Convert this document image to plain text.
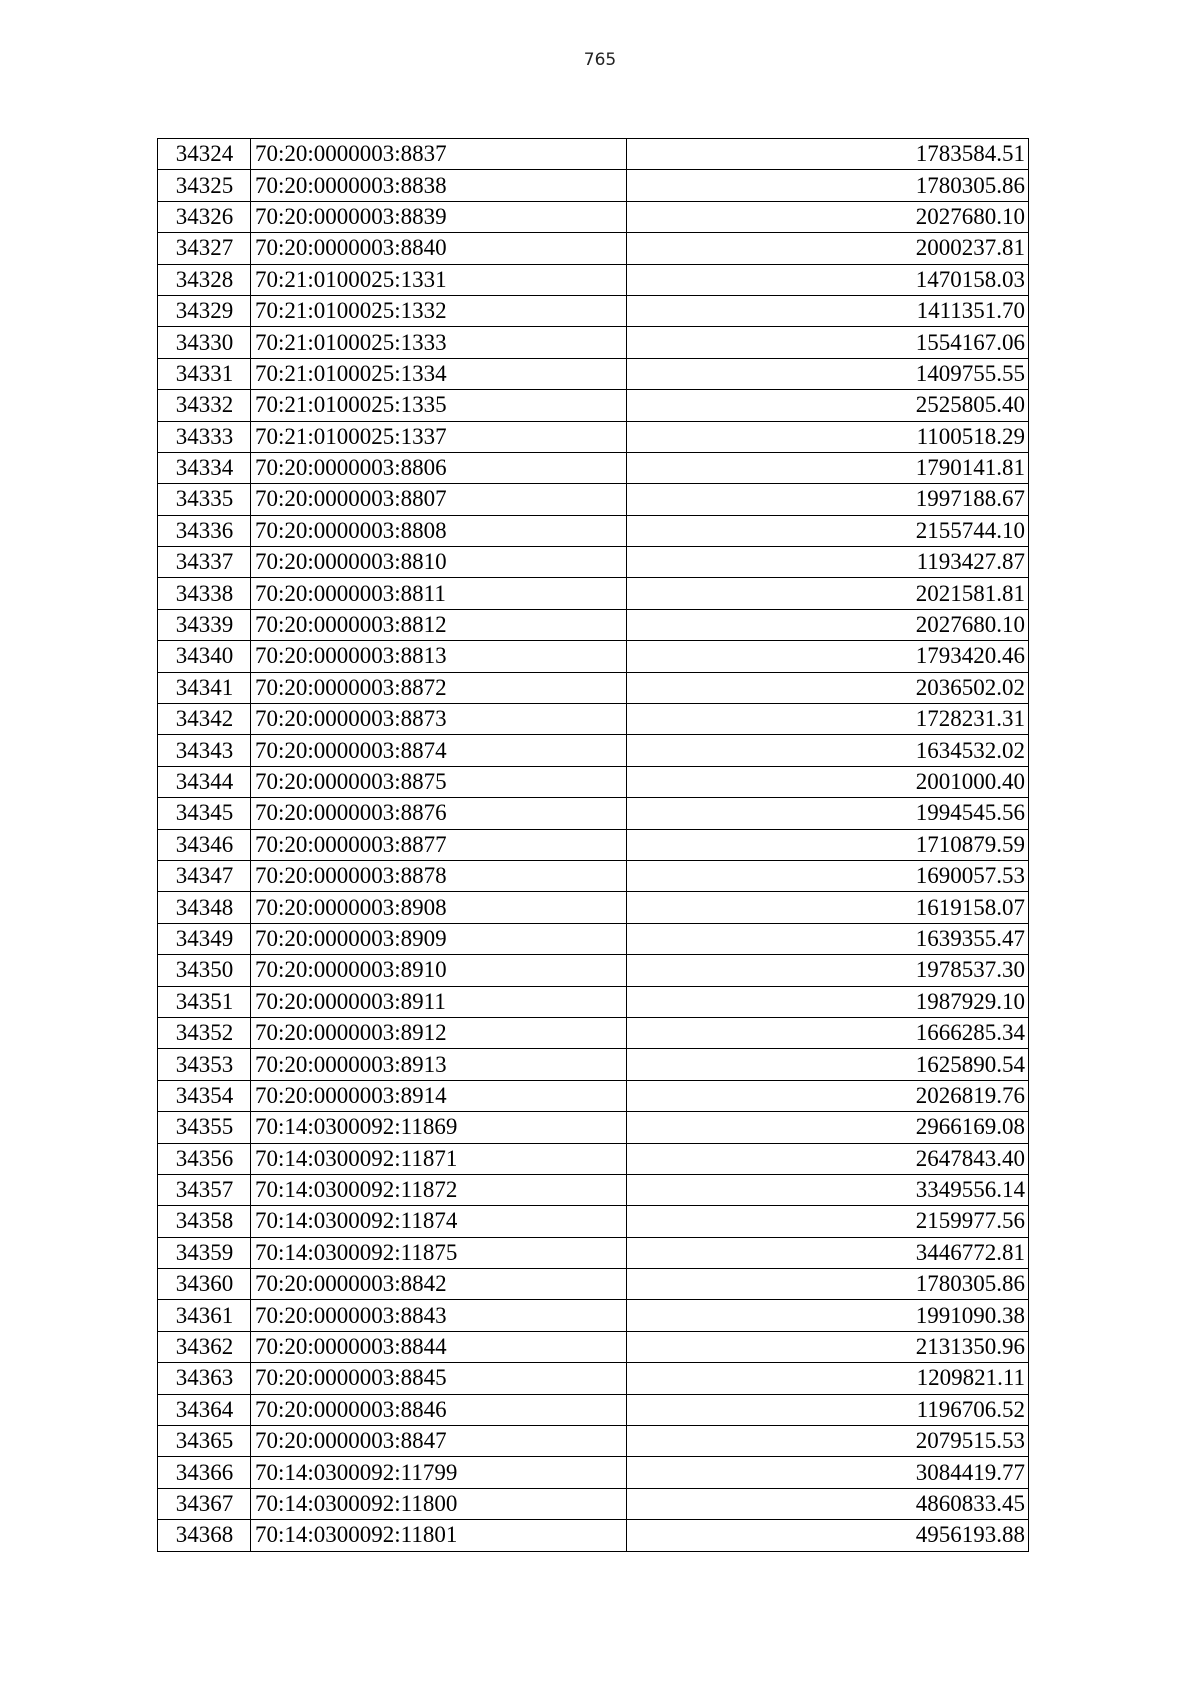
765
34324	70:20:0000003:8837	1783584.51
34325	70:20:0000003:8838	1780305.86
34326	70:20:0000003:8839	2027680.10
34327	70:20:0000003:8840	2000237.81
34328	70:21:0100025:1331	1470158.03
34329	70:21:0100025:1332	1411351.70
34330	70:21:0100025:1333	1554167.06
34331	70:21:0100025:1334	1409755.55
34332	70:21:0100025:1335	2525805.40
34333	70:21:0100025:1337	1100518.29
34334	70:20:0000003:8806	1790141.81
34335	70:20:0000003:8807	1997188.67
34336	70:20:0000003:8808	2155744.10
34337	70:20:0000003:8810	1193427.87
34338	70:20:0000003:8811	2021581.81
34339	70:20:0000003:8812	2027680.10
34340	70:20:0000003:8813	1793420.46
34341	70:20:0000003:8872	2036502.02
34342	70:20:0000003:8873	1728231.31
34343	70:20:0000003:8874	1634532.02
34344	70:20:0000003:8875	2001000.40
34345	70:20:0000003:8876	1994545.56
34346	70:20:0000003:8877	1710879.59
34347	70:20:0000003:8878	1690057.53
34348	70:20:0000003:8908	1619158.07
34349	70:20:0000003:8909	1639355.47
34350	70:20:0000003:8910	1978537.30
34351	70:20:0000003:8911	1987929.10
34352	70:20:0000003:8912	1666285.34
34353	70:20:0000003:8913	1625890.54
34354	70:20:0000003:8914	2026819.76
34355	70:14:0300092:11869	2966169.08
34356	70:14:0300092:11871	2647843.40
34357	70:14:0300092:11872	3349556.14
34358	70:14:0300092:11874	2159977.56
34359	70:14:0300092:11875	3446772.81
34360	70:20:0000003:8842	1780305.86
34361	70:20:0000003:8843	1991090.38
34362	70:20:0000003:8844	2131350.96
34363	70:20:0000003:8845	1209821.11
34364	70:20:0000003:8846	1196706.52
34365	70:20:0000003:8847	2079515.53
34366	70:14:0300092:11799	3084419.77
34367	70:14:0300092:11800	4860833.45
34368	70:14:0300092:11801	4956193.88
